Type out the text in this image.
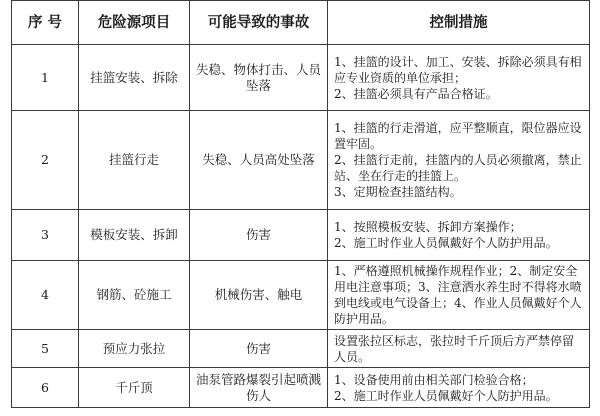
序 号	危险源项目	可能导致的事故	控制措施
1	挂篮安装、拆除	失稳、物体打击、人员坠落	1、挂篮的设计、加工、安装、拆除必须具有相应专业资质的单位承担；
2、挂篮必须具有产品合格证。

2	挂篮行走	失稳、人员高处坠落	1、挂篮的行走滑道，应平整顺直，限位器应设置牢固。
2、挂篮行走前，挂篮内的人员必须撤离，禁止站、坐在行走的挂篮上。
3、定期检查挂篮结构。

3	模板安装、拆卸	伤害	1、按照模板安装、拆卸方案操作；
2、施工时作业人员佩戴好个人防护用品。

4	钢筋、砼施工	机械伤害、触电	1、严格遵照机械操作规程作业；2、制定安全用电注意事项；3、注意洒水养生时不得将水喷到电线或电气设备上；4、作业人员佩戴好个人防护用品。

5	预应力张拉	伤害	设置张拉区标志，张拉时千斤顶后方严禁停留人员。

6	千斤顶	油泵管路爆裂引起喷溅伤人	1、设备使用前由相关部门检验合格；
2、施工时作业人员佩戴好个人防护用品。
